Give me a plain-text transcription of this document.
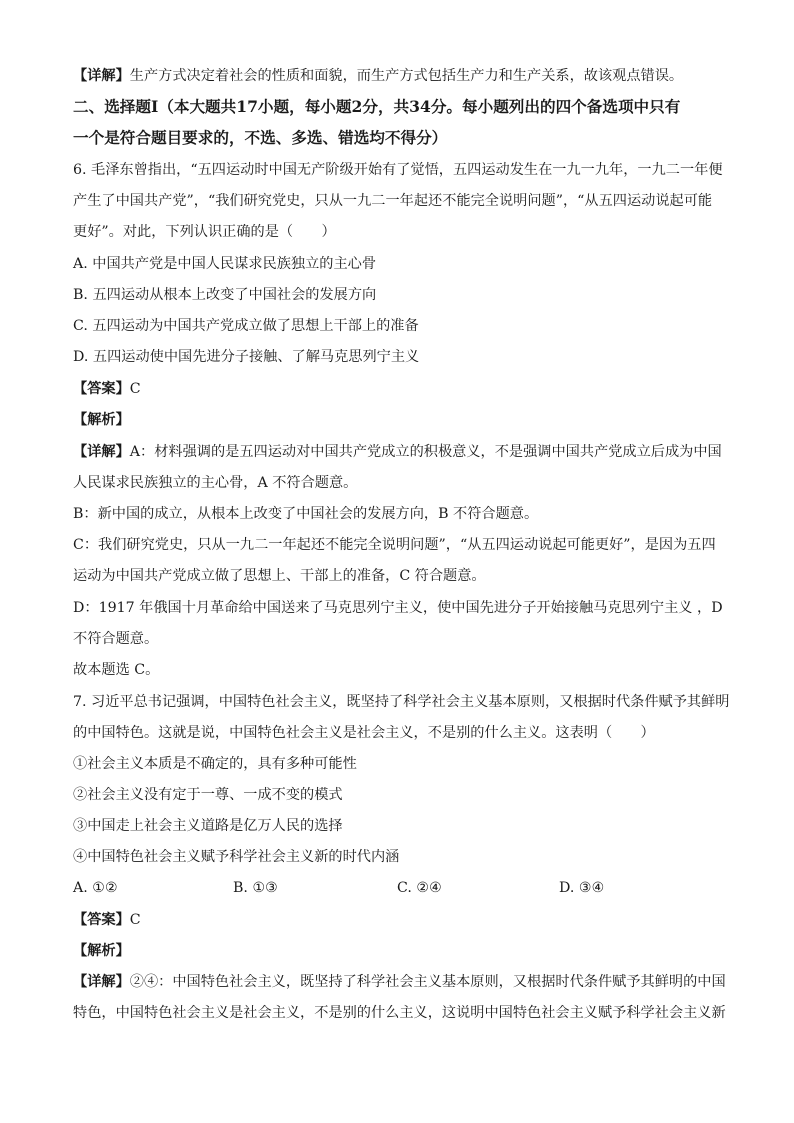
【详解】生产方式决定着社会的性质和面貌，而生产方式包括生产力和生产关系，故该观点错误。
二、选择题Ⅰ（本大题共17小题，每小题2分，共34分。每小题列出的四个备选项中只有
一个是符合题目要求的，不选、多选、错选均不得分）
6. 毛泽东曾指出，“五四运动时中国无产阶级开始有了觉悟，五四运动发生在一九一九年，一九二一年便
产生了中国共产党”，“我们研究党史，只从一九二一年起还不能完全说明问题”，“从五四运动说起可能
更好”。对此，下列认识正确的是（　　）
A. 中国共产党是中国人民谋求民族独立的主心骨
B. 五四运动从根本上改变了中国社会的发展方向
C. 五四运动为中国共产党成立做了思想上干部上的准备
D. 五四运动使中国先进分子接触、了解马克思列宁主义
【答案】C
【解析】
【详解】A：材料强调的是五四运动对中国共产党成立的积极意义，不是强调中国共产党成立后成为中国
人民谋求民族独立的主心骨，A 不符合题意。
B：新中国的成立，从根本上改变了中国社会的发展方向，B 不符合题意。
C：我们研究党史，只从一九二一年起还不能完全说明问题”，“从五四运动说起可能更好”，是因为五四
运动为中国共产党成立做了思想上、干部上的准备，C 符合题意。
D：1917 年俄国十月革命给中国送来了马克思列宁主义，使中国先进分子开始接触马克思列宁主义 ，D
不符合题意。
故本题选 C。
7. 习近平总书记强调，中国特色社会主义，既坚持了科学社会主义基本原则，又根据时代条件赋予其鲜明
的中国特色。这就是说，中国特色社会主义是社会主义，不是别的什么主义。这表明（　　）
①社会主义本质是不确定的，具有多种可能性
②社会主义没有定于一尊、一成不变的模式
③中国走上社会主义道路是亿万人民的选择
④中国特色社会主义赋予科学社会主义新的时代内涵
A. ①②	B. ①③	C. ②④	D. ③④
【答案】C
【解析】
【详解】②④：中国特色社会主义，既坚持了科学社会主义基本原则，又根据时代条件赋予其鲜明的中国
特色，中国特色社会主义是社会主义，不是别的什么主义，这说明中国特色社会主义赋予科学社会主义新
